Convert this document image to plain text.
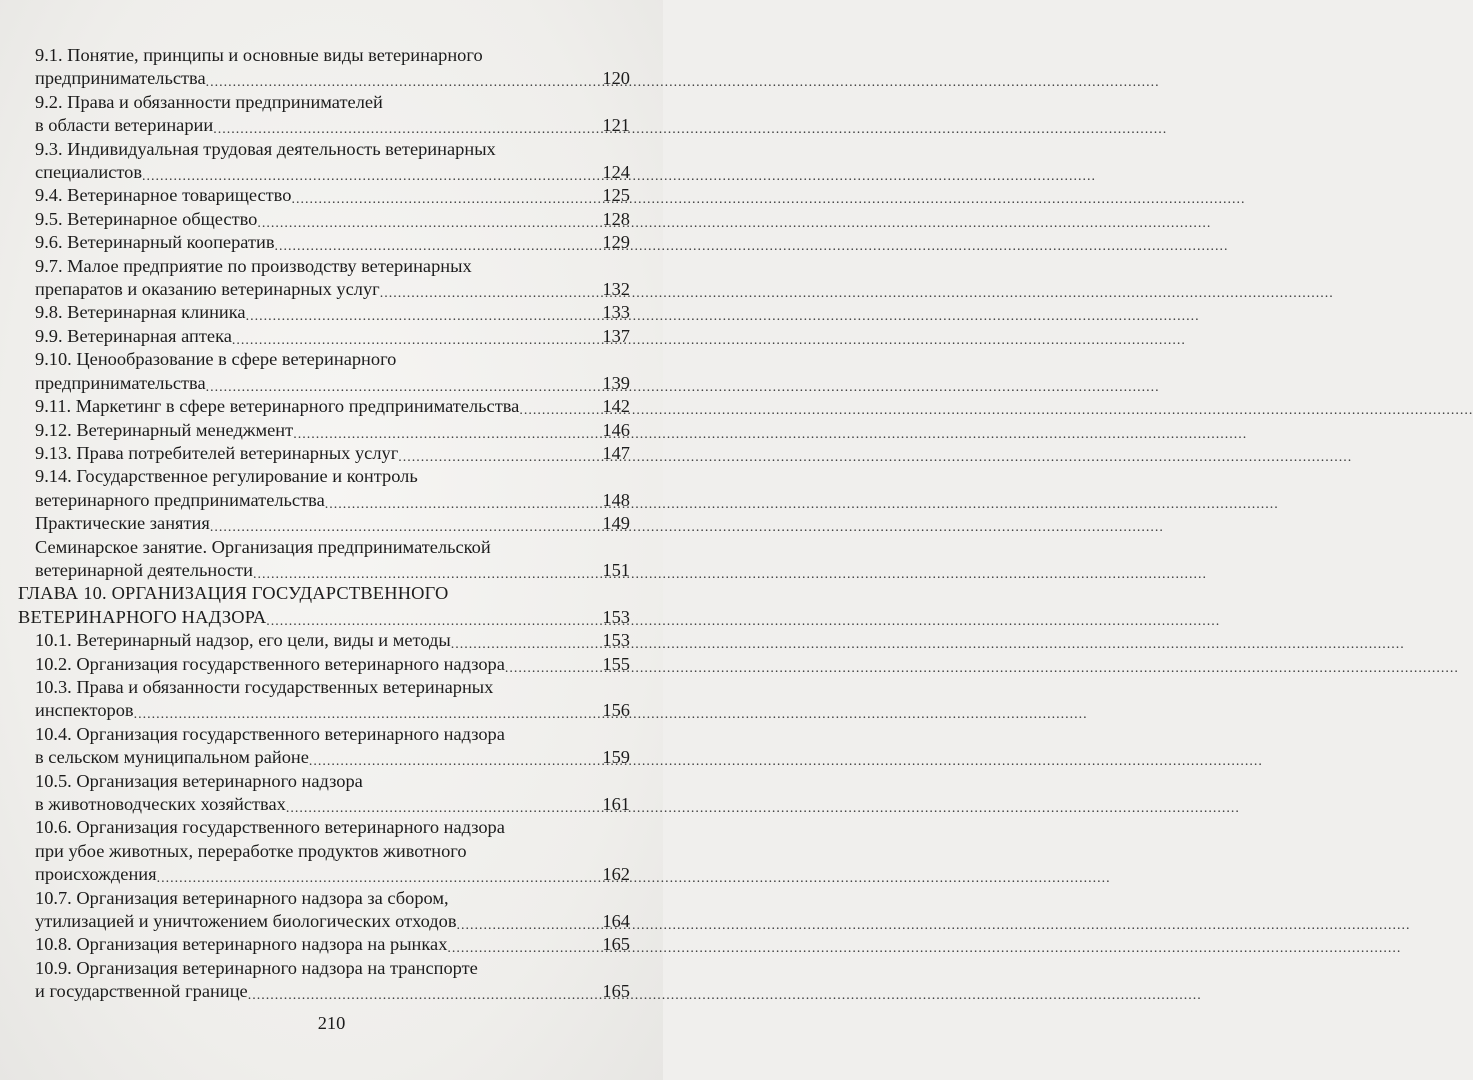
9.1. Понятие, принципы и основные виды ветеринарного
предпринимательства .....	120
9.2. Права и обязанности предпринимателей
в области ветеринарии .....	121
9.3. Индивидуальная трудовая деятельность ветеринарных
специалистов .....	124
9.4. Ветеринарное товарищество .....	125
9.5. Ветеринарное общество .....	128
9.6. Ветеринарный кооператив .....	129
9.7. Малое предприятие по производству ветеринарных
препаратов и оказанию ветеринарных услуг .....	132
9.8. Ветеринарная клиника .....	133
9.9. Ветеринарная аптека .....	137
9.10. Ценообразование в сфере ветеринарного
предпринимательства .....	139
9.11. Маркетинг в сфере ветеринарного предпринимательства .....	142
9.12. Ветеринарный менеджмент .....	146
9.13. Права потребителей ветеринарных услуг .....	147
9.14. Государственное регулирование и контроль
ветеринарного предпринимательства .....	148
Практические занятия .....	149
Семинарское занятие. Организация предпринимательской
ветеринарной деятельности .....	151
ГЛАВА 10. ОРГАНИЗАЦИЯ ГОСУДАРСТВЕННОГО
ВЕТЕРИНАРНОГО НАДЗОРА .....	153
10.1. Ветеринарный надзор, его цели, виды и методы .....	153
10.2. Организация государственного ветеринарного надзора .....	155
10.3. Права и обязанности государственных ветеринарных
инспекторов .....	156
10.4. Организация государственного ветеринарного надзора
в сельском муниципальном районе .....	159
10.5. Организация ветеринарного надзора
в животноводческих хозяйствах .....	161
10.6. Организация государственного ветеринарного надзора
при убое животных, переработке продуктов животного
происхождения .....	162
10.7. Организация ветеринарного надзора за сбором,
утилизацией и уничтожением биологических отходов .....	164
10.8. Организация ветеринарного надзора на рынках .....	165
10.9. Организация ветеринарного надзора на транспорте
и государственной границе .....	165
210
